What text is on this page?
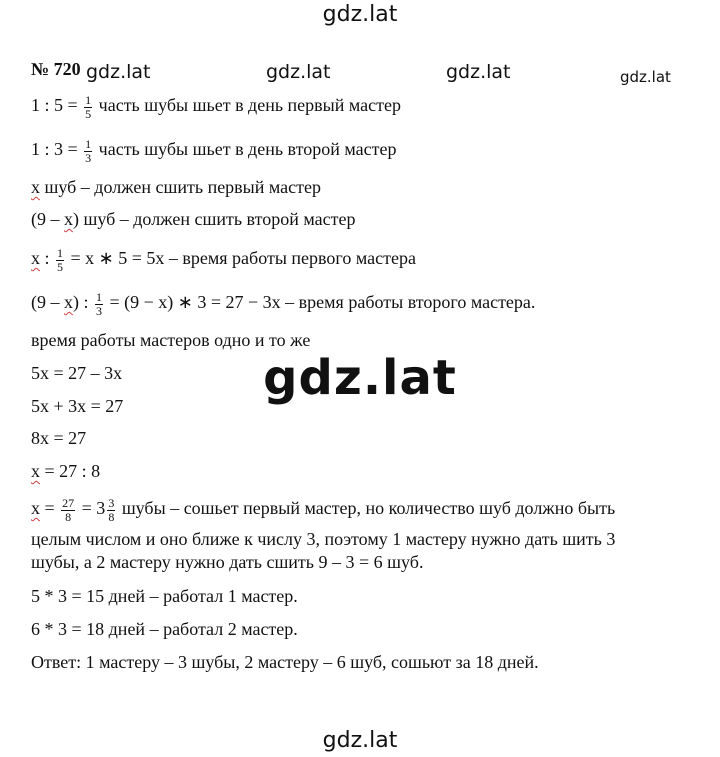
gdz.lat
gdz.lat	gdz.lat	gdz.lat	gdz.lat
gdz.lat
gdz.lat
№ 720
1 : $5 = \frac{1}{5}$ часть шубы шьет в день первый мастер
1 : $3 = \frac{1}{3}$ часть шубы шьет в день второй мастер
х шуб – должен сшить первый мастер
(9 – х) шуб – должен сшить второй мастер
х : $\frac{1}{5} = x$ ∗ 5 = 5x – время работы первого мастера
(9 – х) : $\frac{1}{3} = (9 - x)$ ∗ 3 = 27 − 3x – время работы второго мастера.
время работы мастеров одно и то же
5x = 27 – 3x
5x + 3x = 27
8x = 27
х = 27 : 8
$х = \frac{27}{8} = 3 \frac{3}{8}$ шубы – сошьет первый мастер, но количество шуб должно быть
целым числом и оно ближе к числу 3, поэтому 1 мастеру нужно дать шить 3
шубы, а 2 мастеру нужно дать сшить 9 – 3 = 6 шуб.
5 * 3 = 15 дней – работал 1 мастер.
6 * 3 = 18 дней – работал 2 мастер.
Ответ: 1 мастеру – 3 шубы, 2 мастеру – 6 шуб, сошьют за 18 дней.
